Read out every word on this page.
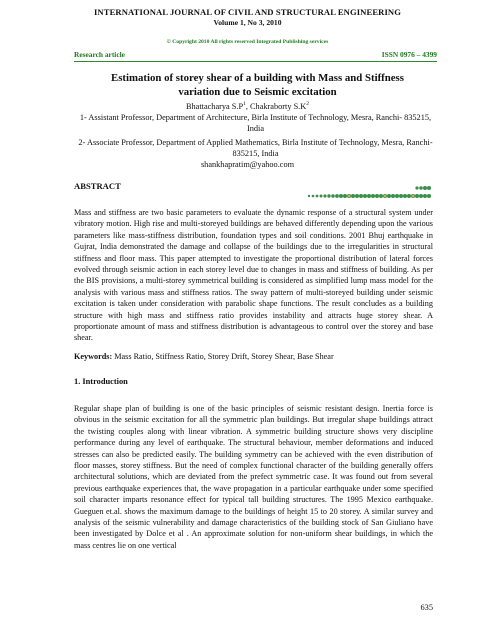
INTERNATIONAL JOURNAL OF CIVIL AND STRUCTURAL ENGINEERING
Volume 1, No 3, 2010
© Copyright 2010 All rights reserved Integrated Publishing services
Research article	ISSN 0976 – 4399
Estimation of storey shear of a building with Mass and Stiffness variation due to Seismic excitation
Bhattacharya $S.P^1$, Chakraborty $S.K^2$
1- Assistant Professor, Department of Architecture, Birla Institute of Technology, Mesra, Ranchi- 835215, India
2- Associate Professor, Department of Applied Mathematics, Birla Institute of Technology, Mesra, Ranchi- 835215, India
shankhapratim@yahoo.com
ABSTRACT

Mass and stiffness are two basic parameters to evaluate the dynamic response of a structural system under vibratory motion. High rise and multi-storeyed buildings are behaved differently depending upon the various parameters like mass-stiffness distribution, foundation types and soil conditions. 2001 Bhuj earthquake in Gujrat, India demonstrated the damage and collapse of the buildings due to the irregularities in structural stiffness and floor mass. This paper attempted to investigate the proportional distribution of lateral forces evolved through seismic action in each storey level due to changes in mass and stiffness of building. As per the BIS provisions, a multi-storey symmetrical building is considered as simplified lump mass model for the analysis with various mass and stiffness ratios. The sway pattern of multi-storeyed building under seismic excitation is taken under consideration with parabolic shape functions. The result concludes as a building structure with high mass and stiffness ratio provides instability and attracts huge storey shear. A proportionate amount of mass and stiffness distribution is advantageous to control over the storey and base shear.

Keywords: Mass Ratio, Stiffness Ratio, Storey Drift, Storey Shear, Base Shear

1. Introduction

Regular shape plan of building is one of the basic principles of seismic resistant design. Inertia force is obvious in the seismic excitation for all the symmetric plan buildings. But irregular shape buildings attract the twisting couples along with linear vibration. A symmetric building structure shows very discipline performance during any level of earthquake. The structural behaviour, member deformations and induced stresses can also be predicted easily. The building symmetry can be achieved with the even distribution of floor masses, storey stiffness. But the need of complex functional character of the building generally offers architectural solutions, which are deviated from the prefect symmetric case. It was found out from several previous earthquake experiences that, the wave propagation in a particular earthquake under some specified soil character imparts resonance effect for typical tall building structures. The 1995 Mexico earthquake. Gueguen et.al. shows the maximum damage to the buildings of height 15 to 20 storey. A similar survey and analysis of the seismic vulnerability and damage characteristics of the building stock of San Giuliano have been investigated by Dolce et al . An approximate solution for non-uniform shear buildings, in which the mass centres lie on one vertical

635
